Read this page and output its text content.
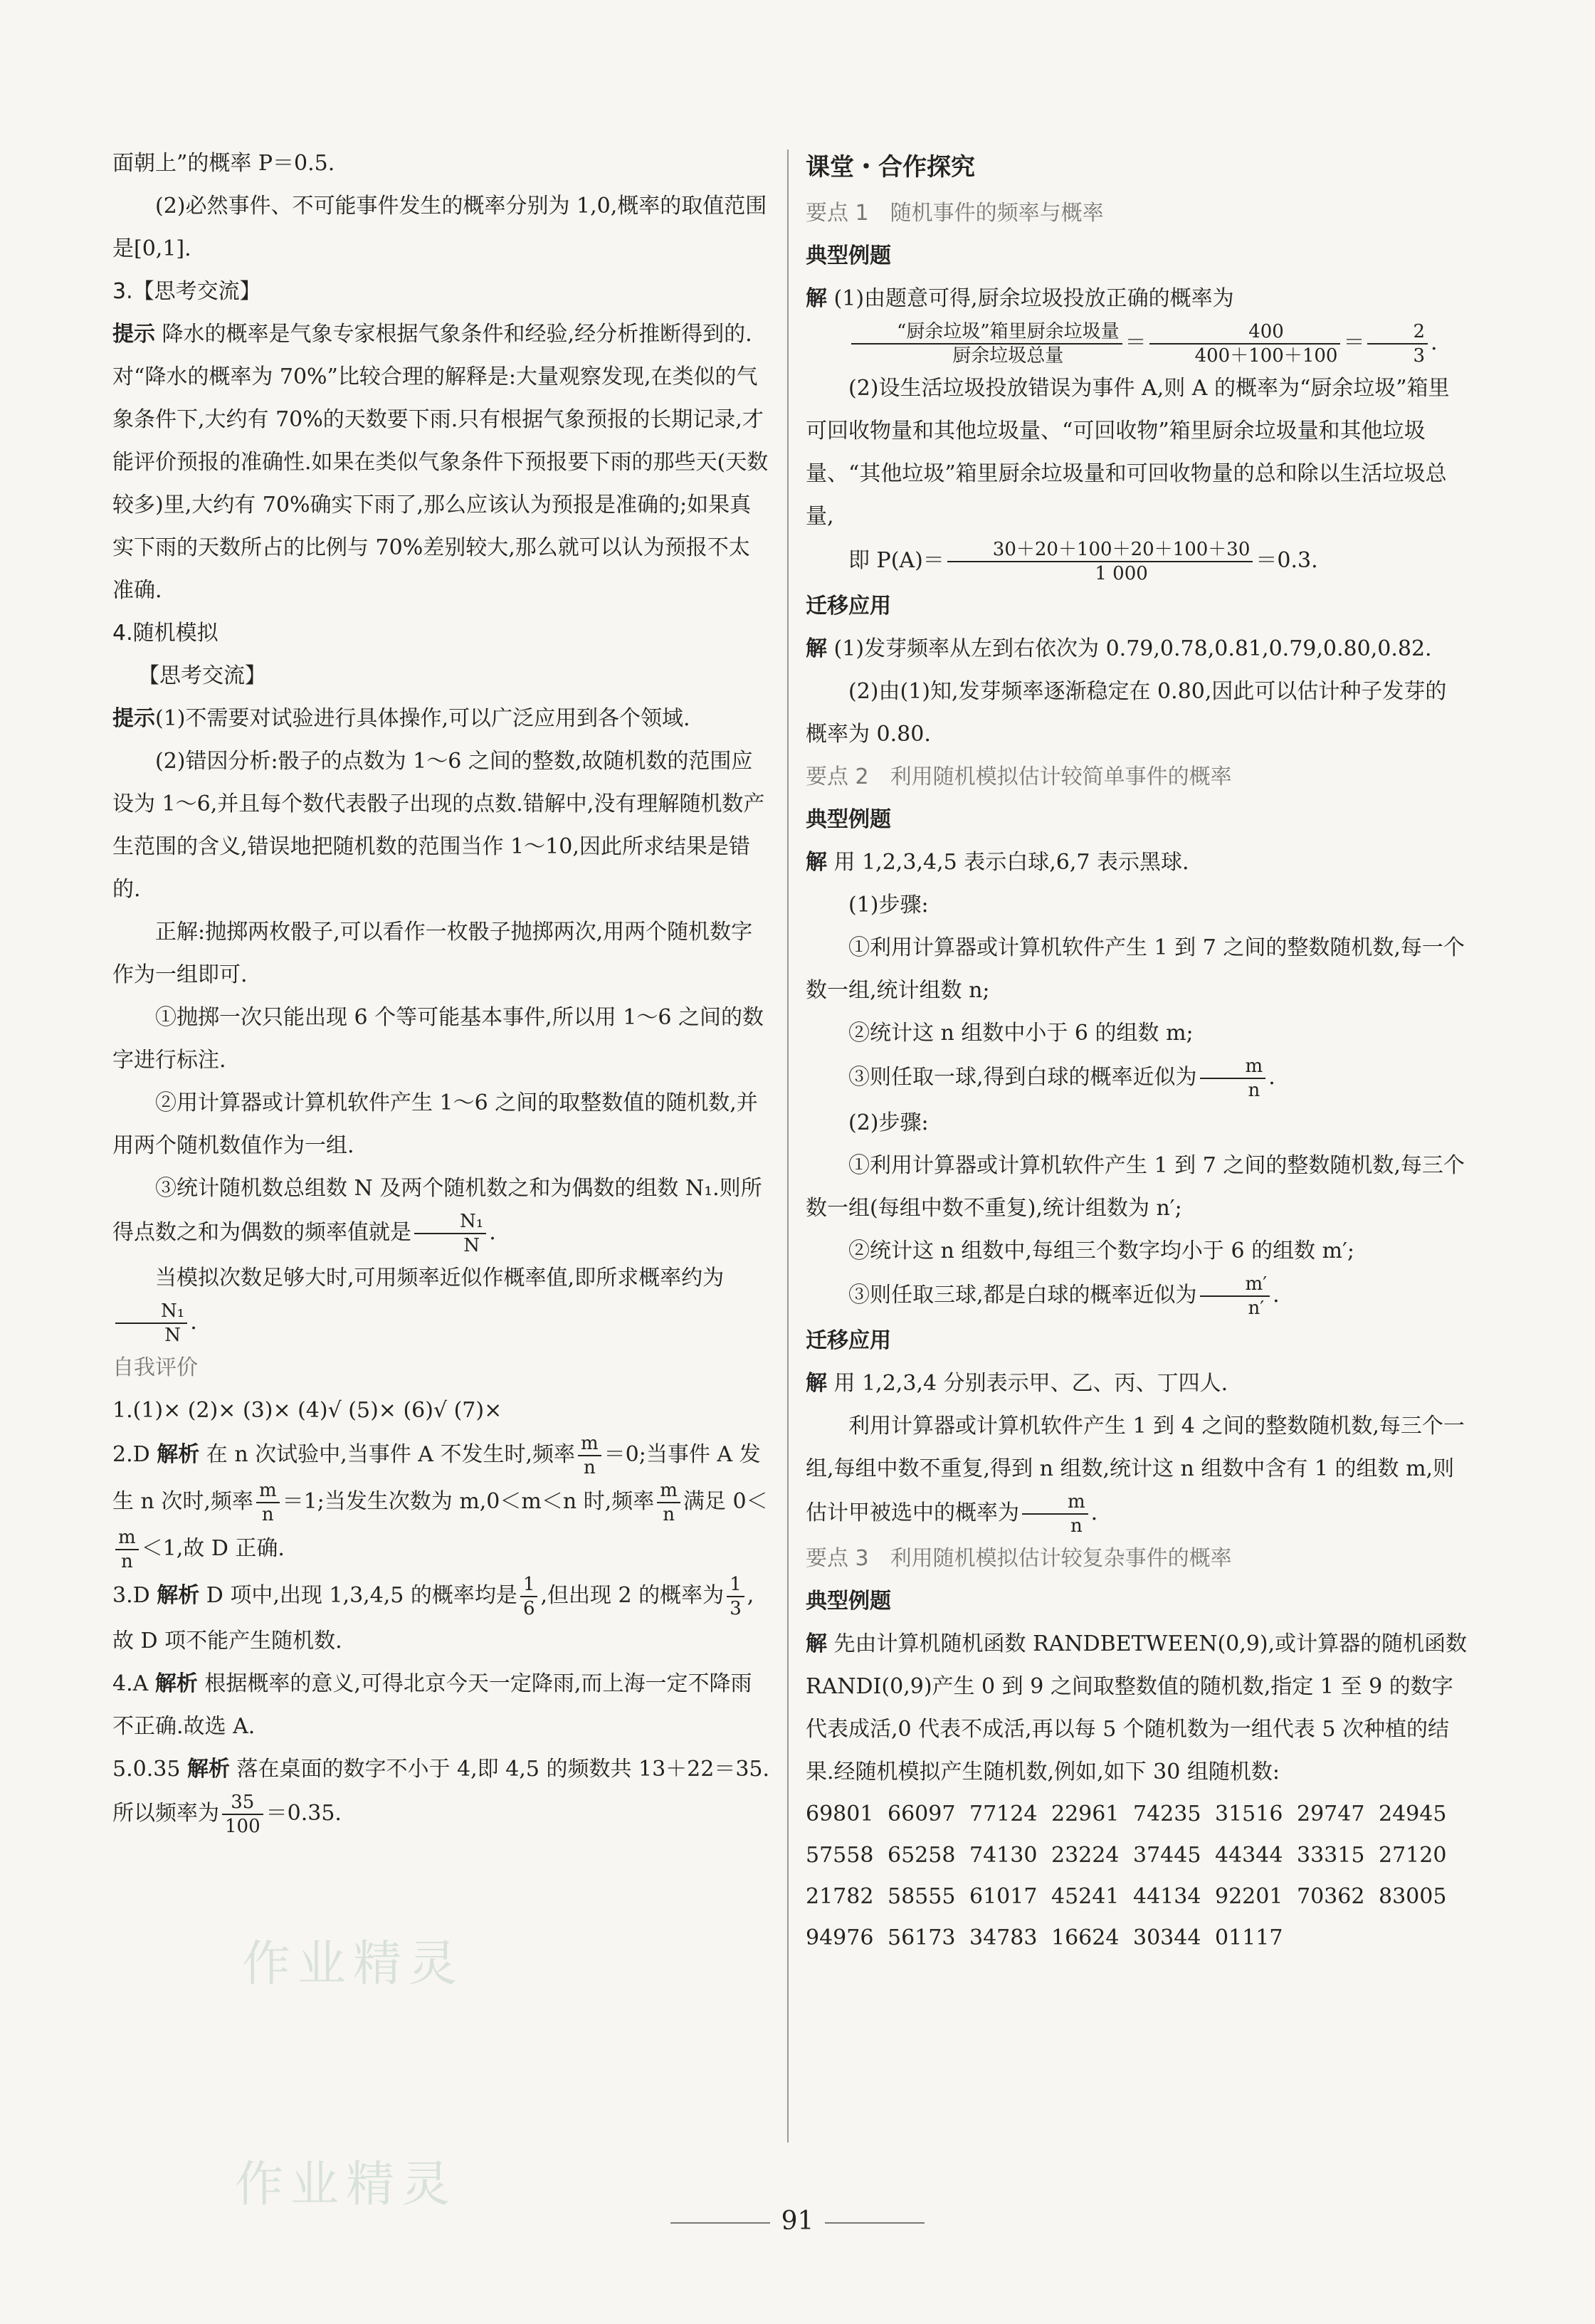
面朝上”的概率 P＝0.5.

(2)必然事件、不可能事件发生的概率分别为 1,0,概率的取值范围是[0,1].

3.【思考交流】

提示 降水的概率是气象专家根据气象条件和经验,经分析推断得到的.对“降水的概率为 70%”比较合理的解释是:大量观察发现,在类似的气象条件下,大约有 70%的天数要下雨.只有根据气象预报的长期记录,才能评价预报的准确性.如果在类似气象条件下预报要下雨的那些天(天数较多)里,大约有 70%确实下雨了,那么应该认为预报是准确的;如果真实下雨的天数所占的比例与 70%差别较大,那么就可以认为预报不太准确.

4.随机模拟

【思考交流】

提示(1)不需要对试验进行具体操作,可以广泛应用到各个领域.

(2)错因分析:骰子的点数为 1～6 之间的整数,故随机数的范围应设为 1～6,并且每个数代表骰子出现的点数.错解中,没有理解随机数产生范围的含义,错误地把随机数的范围当作 1～10,因此所求结果是错的.

正解:抛掷两枚骰子,可以看作一枚骰子抛掷两次,用两个随机数字作为一组即可.

①抛掷一次只能出现 6 个等可能基本事件,所以用 1～6 之间的数字进行标注.

②用计算器或计算机软件产生 1～6 之间的取整数值的随机数,并用两个随机数值作为一组.

③统计随机数总组数 N 及两个随机数之和为偶数的组数 N₁.则所得点数之和为偶数的频率值就是 $\frac{\text{N₁}}{N}$ .

当模拟次数足够大时,可用频率近似作概率值,即所求概率约为
$\frac{\text{N₁}}{N}$ .

自我评价

1.(1)× (2)× (3)× (4)√ (5)× (6)√ (7)×

2.D 解析 在 n 次试验中,当事件 A 不发生时,频率 $\frac{m}{n} =0$;当事件 A 发生 n 次时,频率 $\frac{m}{n} =1$;当发生次数为 m,0＜m＜n 时,频率 $\frac{m}{n}$ 满足 0＜
$\frac{m}{n} <1$,故 D 正确.

3.D 解析 D 项中,出现 1,3,4,5 的概率均是 $\frac{1}{6}$ ,但出现 2 的概率为 $\frac{1}{3}$ ,故 D 项不能产生随机数.

4.A 解析 根据概率的意义,可得北京今天一定降雨,而上海一定不降雨不正确.故选 A.

5.0.35 解析 落在桌面的数字不小于 4,即 4,5 的频数共 13＋22＝35.所以频率为 $\frac{35}{100} =0.35$.

课堂・合作探究

要点 1　随机事件的频率与概率

典型例题

解 (1)由题意可得,厨余垃圾投放正确的概率为

$\frac{\text{“厨余垃圾”箱里厨余垃圾量}}{\text{厨余垃圾总量}} = \frac{400}{400+100+100} = \frac{2}{3}$ .

(2)设生活垃圾投放错误为事件 A,则 A 的概率为“厨余垃圾”箱里可回收物量和其他垃圾量、“可回收物”箱里厨余垃圾量和其他垃圾量、“其他垃圾”箱里厨余垃圾量和可回收物量的总和除以生活垃圾总量,

即 $P(A)= \frac{30+20+100+20+100+30}{1 000} =0.3$.

迁移应用

解 (1)发芽频率从左到右依次为 0.79,0.78,0.81,0.79,0.80,0.82.

(2)由(1)知,发芽频率逐渐稳定在 0.80,因此可以估计种子发芽的概率为 0.80.

要点 2　利用随机模拟估计较简单事件的概率

典型例题

解 用 1,2,3,4,5 表示白球,6,7 表示黑球.

(1)步骤:

①利用计算器或计算机软件产生 1 到 7 之间的整数随机数,每一个数一组,统计组数 n;

②统计这 n 组数中小于 6 的组数 m;

③则任取一球,得到白球的概率近似为 $\frac{m}{n}$ .

(2)步骤:

①利用计算器或计算机软件产生 1 到 7 之间的整数随机数,每三个数一组(每组中数不重复),统计组数为 n′;

②统计这 n 组数中,每组三个数字均小于 6 的组数 m′;

③则任取三球,都是白球的概率近似为 $\frac{m'}{n'}$ .

迁移应用

解 用 1,2,3,4 分别表示甲、乙、丙、丁四人.

利用计算器或计算机软件产生 1 到 4 之间的整数随机数,每三个一组,每组中数不重复,得到 n 组数,统计这 n 组数中含有 1 的组数 m,则估计甲被选中的概率为 $\frac{m}{n}$ .

要点 3　利用随机模拟估计较复杂事件的概率

典型例题

解 先由计算机随机函数 RANDBETWEEN(0,9),或计算器的随机函数 RANDI(0,9)产生 0 到 9 之间取整数值的随机数,指定 1 至 9 的数字代表成活,0 代表不成活,再以每 5 个随机数为一组代表 5 次种植的结果.经随机模拟产生随机数,例如,如下 30 组随机数:

69801 66097 77124 22961 74235 31516 29747 24945
57558 65258 74130 23224 37445 44344 33315 27120
21782 58555 61017 45241 44134 92201 70362 83005
94976 56173 34783 16624 30344 01117
作业精灵
作业精灵
91
